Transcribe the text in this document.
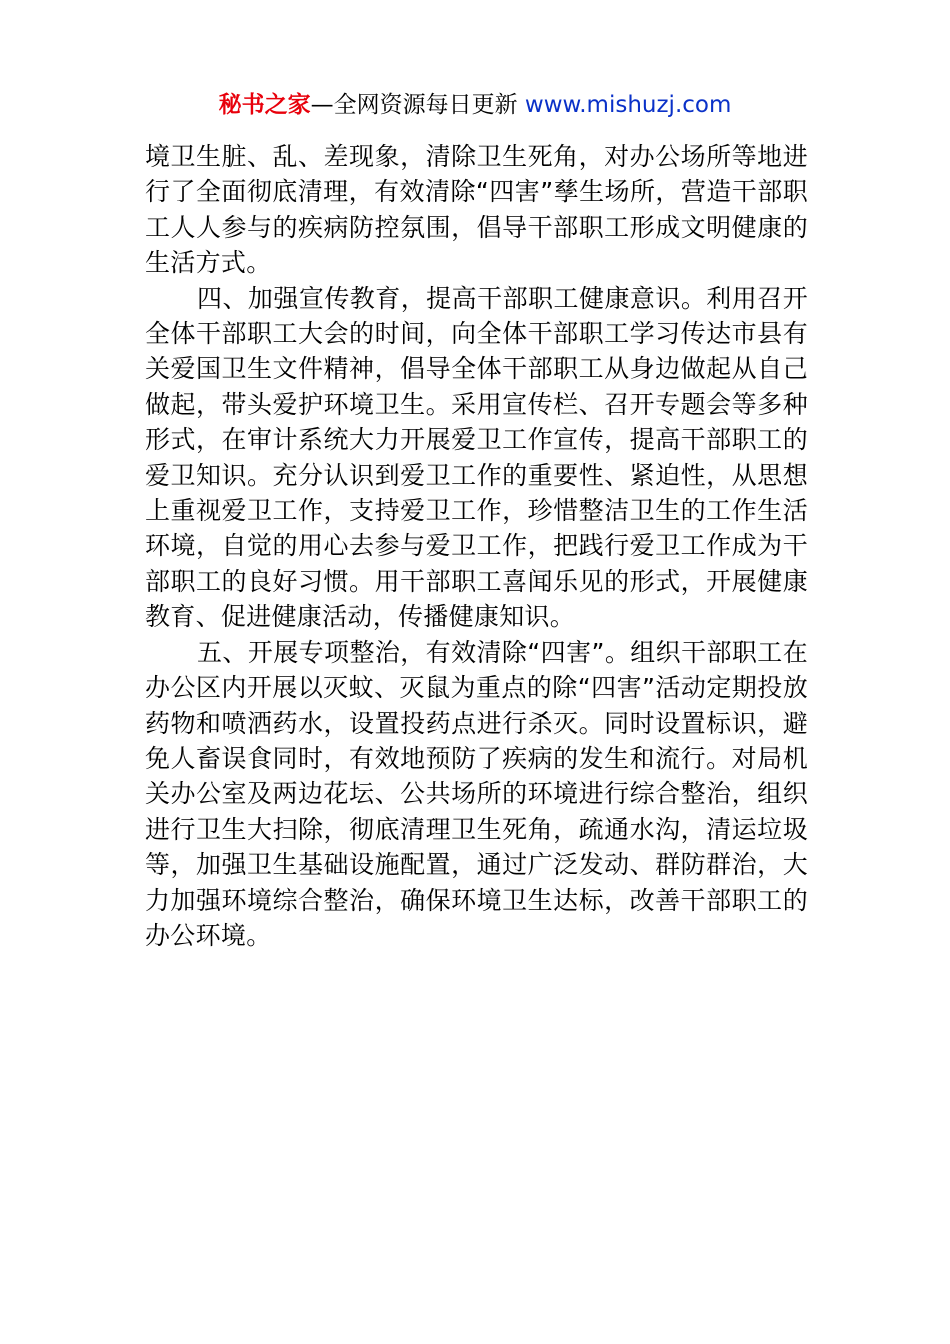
秘书之家—全网资源每日更新 www.mishuzj.com

境卫生脏、乱、差现象，清除卫生死角，对办公场所等地进行了全面彻底清理，有效清除“四害”孳生场所，营造干部职工人人参与的疾病防控氛围，倡导干部职工形成文明健康的生活方式。

四、加强宣传教育，提高干部职工健康意识。利用召开全体干部职工大会的时间，向全体干部职工学习传达市县有关爱国卫生文件精神，倡导全体干部职工从身边做起从自己做起，带头爱护环境卫生。采用宣传栏、召开专题会等多种形式，在审计系统大力开展爱卫工作宣传，提高干部职工的爱卫知识。充分认识到爱卫工作的重要性、紧迫性，从思想上重视爱卫工作，支持爱卫工作，珍惜整洁卫生的工作生活环境，自觉的用心去参与爱卫工作，把践行爱卫工作成为干部职工的良好习惯。用干部职工喜闻乐见的形式，开展健康教育、促进健康活动，传播健康知识。

五、开展专项整治，有效清除“四害”。组织干部职工在办公区内开展以灭蚊、灭鼠为重点的除“四害”活动定期投放药物和喷洒药水，设置投药点进行杀灭。同时设置标识，避免人畜误食同时，有效地预防了疾病的发生和流行。对局机关办公室及两边花坛、公共场所的环境进行综合整治，组织进行卫生大扫除，彻底清理卫生死角，疏通水沟，清运垃圾等，加强卫生基础设施配置，通过广泛发动、群防群治，大力加强环境综合整治，确保环境卫生达标，改善干部职工的办公环境。
